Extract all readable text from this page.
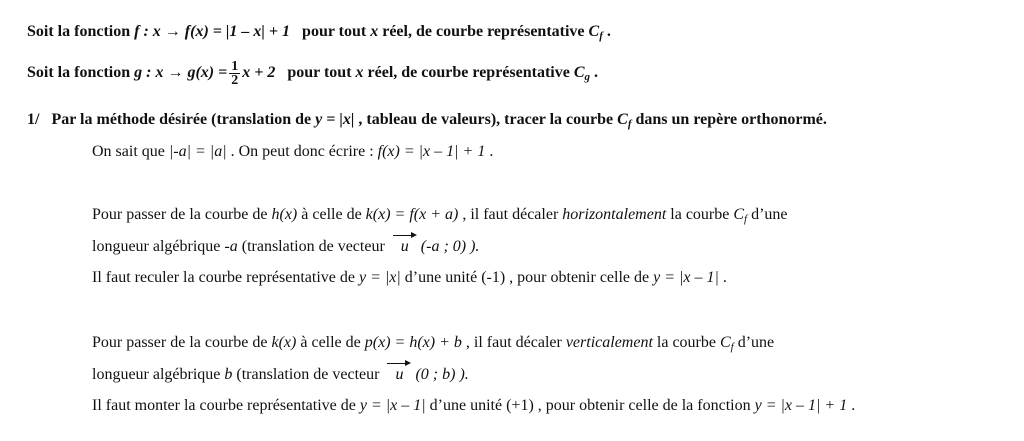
Soit la fonction f : x → f(x) = |1 – x| + 1 pour tout x réel, de courbe représentative $C_f$ .
Soit la fonction g : $x \to g(x) = \frac{1}{2}$ x + 2 pour tout x réel, de courbe représentative $C_g$ .
1/ Par la méthode désirée (translation de y = |x| , tableau de valeurs), tracer la courbe $C_f$ dans un repère orthonormé.
On sait que |-a| = |a| . On peut donc écrire : f(x) = |x – 1| + 1 .
Pour passer de la courbe de h(x) à celle de k(x) = f(x + a) , il faut décaler horizontalement la courbe $C_f$ d’une
longueur algébrique -a (translation de vecteur u (-a ; 0) ).
Il faut reculer la courbe représentative de y = |x| d’une unité (-1) , pour obtenir celle de y = |x – 1| .
Pour passer de la courbe de k(x) à celle de p(x) = h(x) + b , il faut décaler verticalement la courbe $C_f$ d’une
longueur algébrique b (translation de vecteur u (0 ; b) ).
Il faut monter la courbe représentative de y = |x – 1| d’une unité (+1) , pour obtenir celle de la fonction y = |x – 1| + 1 .
